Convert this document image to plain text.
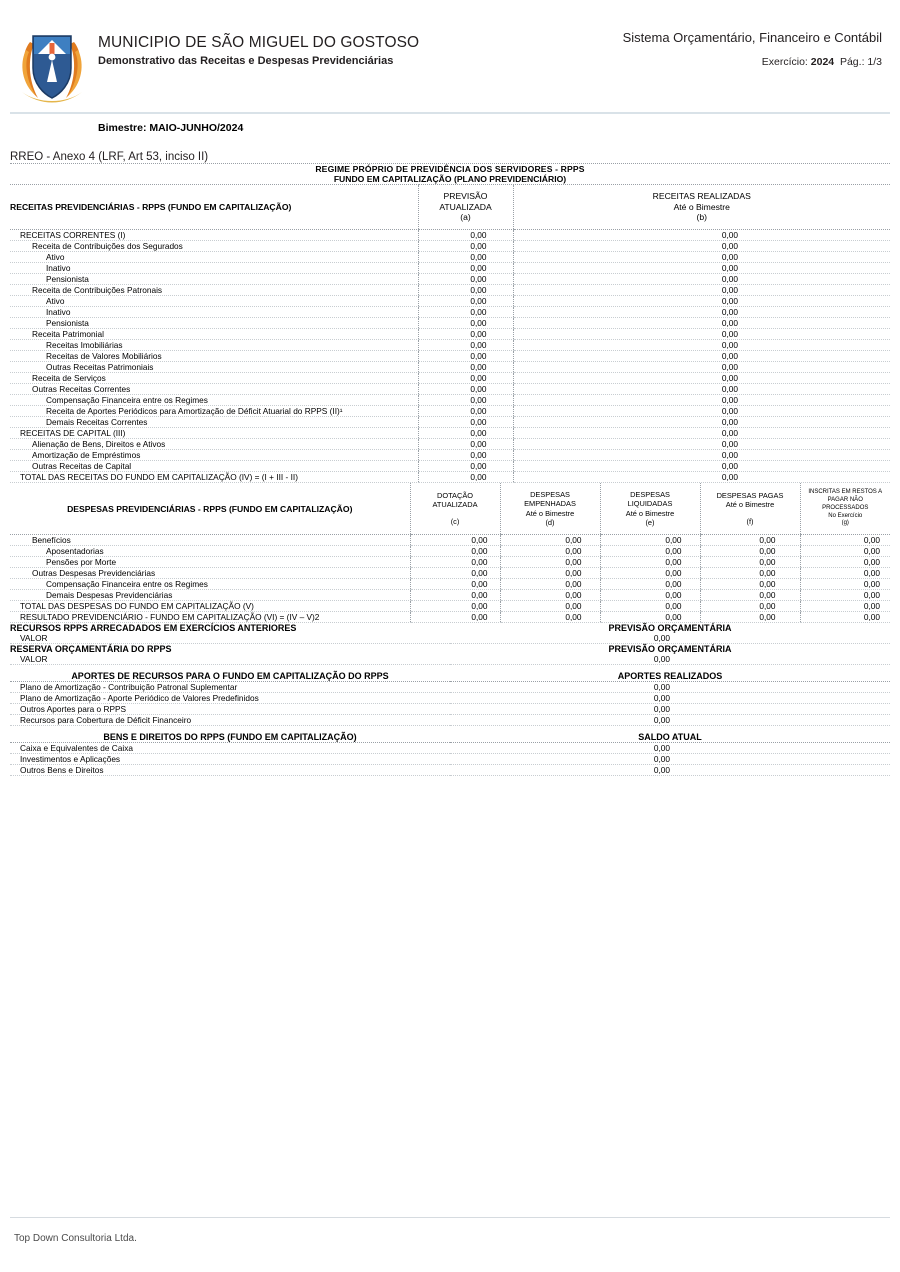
MUNICIPIO DE SÃO MIGUEL DO GOSTOSO
Demonstrativo das Receitas e Despesas Previdenciárias
Sistema Orçamentário, Financeiro e Contábil
Exercício: 2024 Pág.: 1/3
Bimestre: MAIO-JUNHO/2024
RREO - Anexo 4 (LRF, Art 53, inciso II)
REGIME PRÓPRIO DE PREVIDÊNCIA DOS SERVIDORES - RPPS		
FUNDO EM CAPITALIZAÇÃO (PLANO PREVIDENCIÁRIO)		
RECEITAS PREVIDENCIÁRIAS - RPPS (FUNDO EM CAPITALIZAÇÃO)	
PREVISÃO
ATUALIZADA
(a)

RECEITAS REALIZADAS
Até o Bimestre
(b)

RECEITAS CORRENTES (I)	0,00	0,00
Receita de Contribuições dos Segurados	0,00	0,00
Ativo	0,00	0,00
Inativo	0,00	0,00
Pensionista	0,00	0,00
Receita de Contribuições Patronais	0,00	0,00
Ativo	0,00	0,00
Inativo	0,00	0,00
Pensionista	0,00	0,00
Receita Patrimonial	0,00	0,00
Receitas Imobiliárias	0,00	0,00
Receitas de Valores Mobiliários	0,00	0,00
Outras Receitas Patrimoniais	0,00	0,00
Receita de Serviços	0,00	0,00
Outras Receitas Correntes	0,00	0,00
Compensação Financeira entre os Regimes	0,00	0,00
Receita de Aportes Periódicos para Amortização de Déficit Atuarial do RPPS (II)¹	0,00	0,00
Demais Receitas Correntes	0,00	0,00
RECEITAS DE CAPITAL (III)	0,00	0,00
Alienação de Bens, Direitos e Ativos	0,00	0,00
Amortização de Empréstimos	0,00	0,00
Outras Receitas de Capital	0,00	0,00
TOTAL DAS RECEITAS DO FUNDO EM CAPITALIZAÇÃO (IV) = (I + III - II)	0,00	0,00
DESPESAS PREVIDENCIÁRIAS - RPPS (FUNDO EM CAPITALIZAÇÃO)	
DOTAÇÃO
ATUALIZADA
(c)

DESPESAS
EMPENHADAS
Até o Bimestre
(d)

DESPESAS
LIQUIDADAS
Até o Bimestre
(e)

DESPESAS PAGAS
Até o Bimestre
(f)

INSCRITAS EM RESTOS A
PAGAR NÃO
PROCESSADOS
No Exercício
(g)

Benefícios	0,00	0,00	0,00	0,00	0,00
Aposentadorias	0,00	0,00	0,00	0,00	0,00
Pensões por Morte	0,00	0,00	0,00	0,00	0,00
Outras Despesas Previdenciárias	0,00	0,00	0,00	0,00	0,00
Compensação Financeira entre os Regimes	0,00	0,00	0,00	0,00	0,00
Demais Despesas Previdenciárias	0,00	0,00	0,00	0,00	0,00
TOTAL DAS DESPESAS DO FUNDO EM CAPITALIZAÇÃO (V)	0,00	0,00	0,00	0,00	0,00
RESULTADO PREVIDENCIÁRIO - FUNDO EM CAPITALIZAÇÃO (VI) = (IV – V)2	0,00	0,00	0,00	0,00	0,00
RECURSOS RPPS ARRECADADOS EM EXERCÍCIOS ANTERIORES	PREVISÃO ORÇAMENTÁRIA
VALOR	0,00
RESERVA ORÇAMENTÁRIA DO RPPS	PREVISÃO ORÇAMENTÁRIA
VALOR	0,00

APORTES DE RECURSOS PARA O FUNDO EM CAPITALIZAÇÃO DO RPPS	APORTES REALIZADOS
Plano de Amortização - Contribuição Patronal Suplementar	0,00
Plano de Amortização - Aporte Periódico de Valores Predefinidos	0,00
Outros Aportes para o RPPS	0,00
Recursos para Cobertura de Déficit Financeiro	0,00

BENS E DIREITOS DO RPPS (FUNDO EM CAPITALIZAÇÃO)	SALDO ATUAL
Caixa e Equivalentes de Caixa	0,00
Investimentos e Aplicações	0,00
Outros Bens e Direitos	0,00
Top Down Consultoria Ltda.
